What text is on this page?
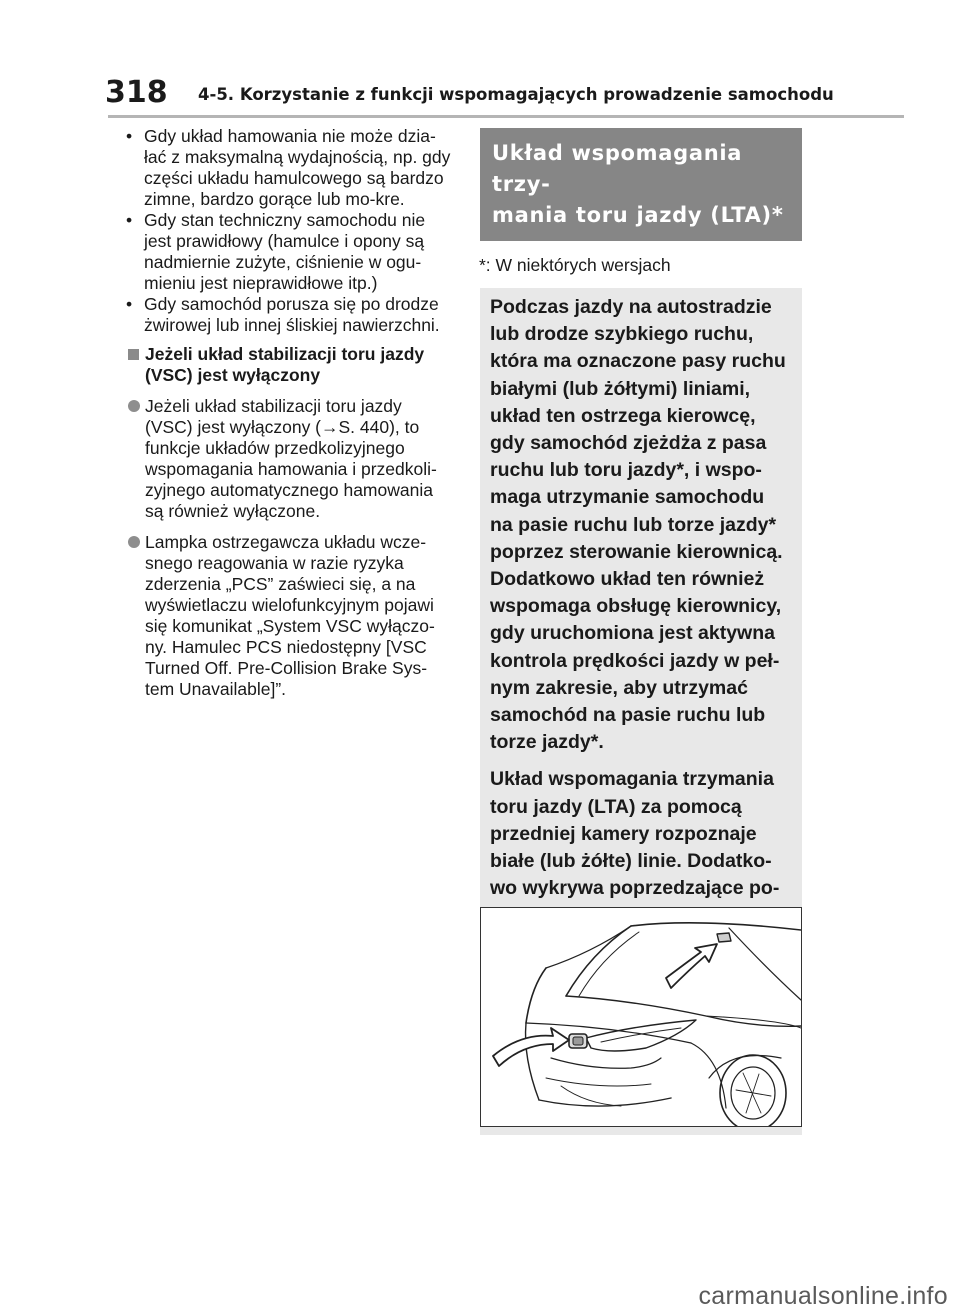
318 4-5. Korzystanie z funkcji wspomagających prowadzenie samochodu
• Gdy układ hamowania nie może dzia-łać z maksymalną wydajnością, np. gdy części układu hamulcowego są bardzo zimne, bardzo gorące lub mo-kre.
• Gdy stan techniczny samochodu nie jest prawidłowy (hamulce i opony są nadmiernie zużyte, ciśnienie w ogu-mieniu jest nieprawidłowe itp.)
• Gdy samochód porusza się po drodze żwirowej lub innej śliskiej nawierzchni.
Jeżeli układ stabilizacji toru jazdy (VSC) jest wyłączony
Jeżeli układ stabilizacji toru jazdy (VSC) jest wyłączony (→S. 440), to funkcje układów przedkolizyjnego wspomagania hamowania i przedkoli-zyjnego automatycznego hamowania są również wyłączone.
Lampka ostrzegawcza układu wcze-snego reagowania w razie ryzyka zderzenia „PCS” zaświeci się, a na wyświetlaczu wielofunkcyjnym pojawi się komunikat „System VSC wyłączo-ny. Hamulec PCS niedostępny [VSC Turned Off. Pre-Collision Brake Sys-tem Unavailable]”.
Układ wspomagania trzy-
mania toru jazdy (LTA)*
*: W niektórych wersjach
Podczas jazdy na autostradzie lub drodze szybkiego ruchu, która ma oznaczone pasy ruchu białymi (lub żółtymi) liniami, układ ten ostrzega kierowcę, gdy samochód zjeżdża z pasa ruchu lub toru jazdy*, i wspo-maga utrzymanie samochodu na pasie ruchu lub torze jazdy* poprzez sterowanie kierownicą. Dodatkowo układ ten również wspomaga obsługę kierownicy, gdy uruchomiona jest aktywna kontrola prędkości jazdy w peł-nym zakresie, aby utrzymać samochód na pasie ruchu lub torze jazdy*.
Układ wspomagania trzymania toru jazdy (LTA) za pomocą przedniej kamery rozpoznaje białe (lub żółte) linie. Dodatko-wo wykrywa poprzedzające po-
carmanualsonline.info
